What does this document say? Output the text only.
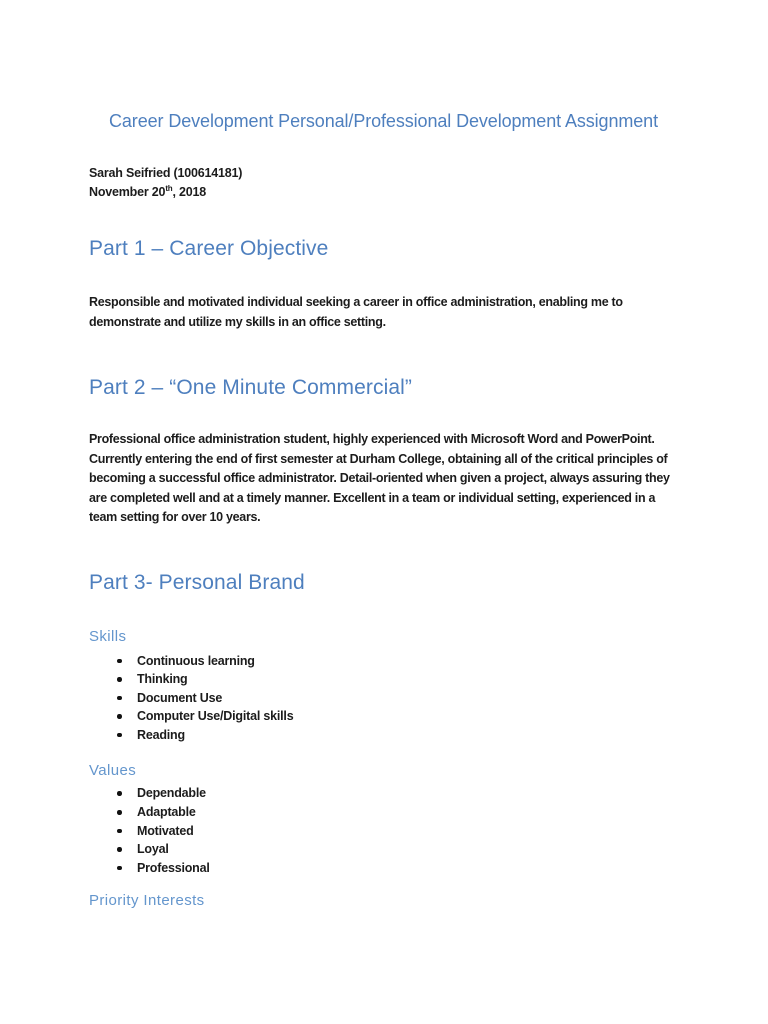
Career Development Personal/Professional Development Assignment
Sarah Seifried (100614181)
November 20th, 2018
Part 1 – Career Objective

Responsible and motivated individual seeking a career in office administration, enabling me to demonstrate and utilize my skills in an office setting.

Part 2 – “One Minute Commercial”

Professional office administration student, highly experienced with Microsoft Word and PowerPoint. Currently entering the end of first semester at Durham College, obtaining all of the critical principles of becoming a successful office administrator. Detail-oriented when given a project, always assuring they are completed well and at a timely manner. Excellent in a team or individual setting, experienced in a team setting for over 10 years.

Part 3- Personal Brand
Skills
Continuous learning
Thinking
Document Use
Computer Use/Digital skills
Reading
Values
Dependable
Adaptable
Motivated
Loyal
Professional
Priority Interests
